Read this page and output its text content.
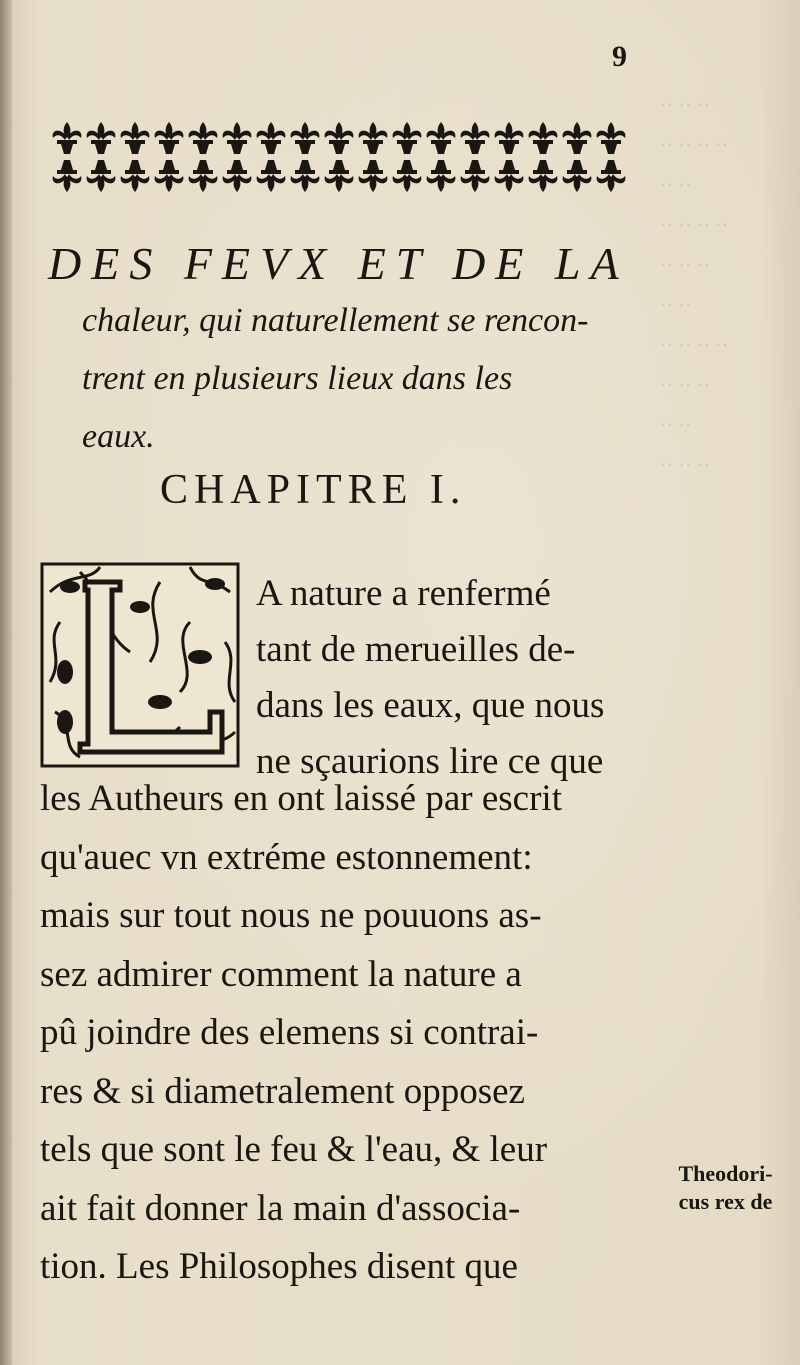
‥ ‥ ‥
‥ ‥ ‥ ‥
‥ ‥
‥ ‥ ‥ ‥
‥ ‥ ‥
‥ ‥
‥ ‥ ‥ ‥
‥ ‥ ‥
‥ ‥
‥ ‥ ‥
9
DES FEVX ET DE LA
chaleur, qui naturellement se rencon-
trent en plusieurs lieux dans les
eaux.
CHAPITRE I.
A nature a renfermé
tant de merueilles de-
dans les eaux, que nous
ne sçaurions lire ce que
les Autheurs en ont laissé par escrit
qu'auec vn extréme estonnement:
mais sur tout nous ne pouuons as-
sez admirer comment la nature a
pû joindre des elemens si contrai-
res & si diametralement opposez
tels que sont le feu & l'eau, & leur
ait fait donner la main d'associa-
tion. Les Philosophes disent que
Theodori-
cus rex de
